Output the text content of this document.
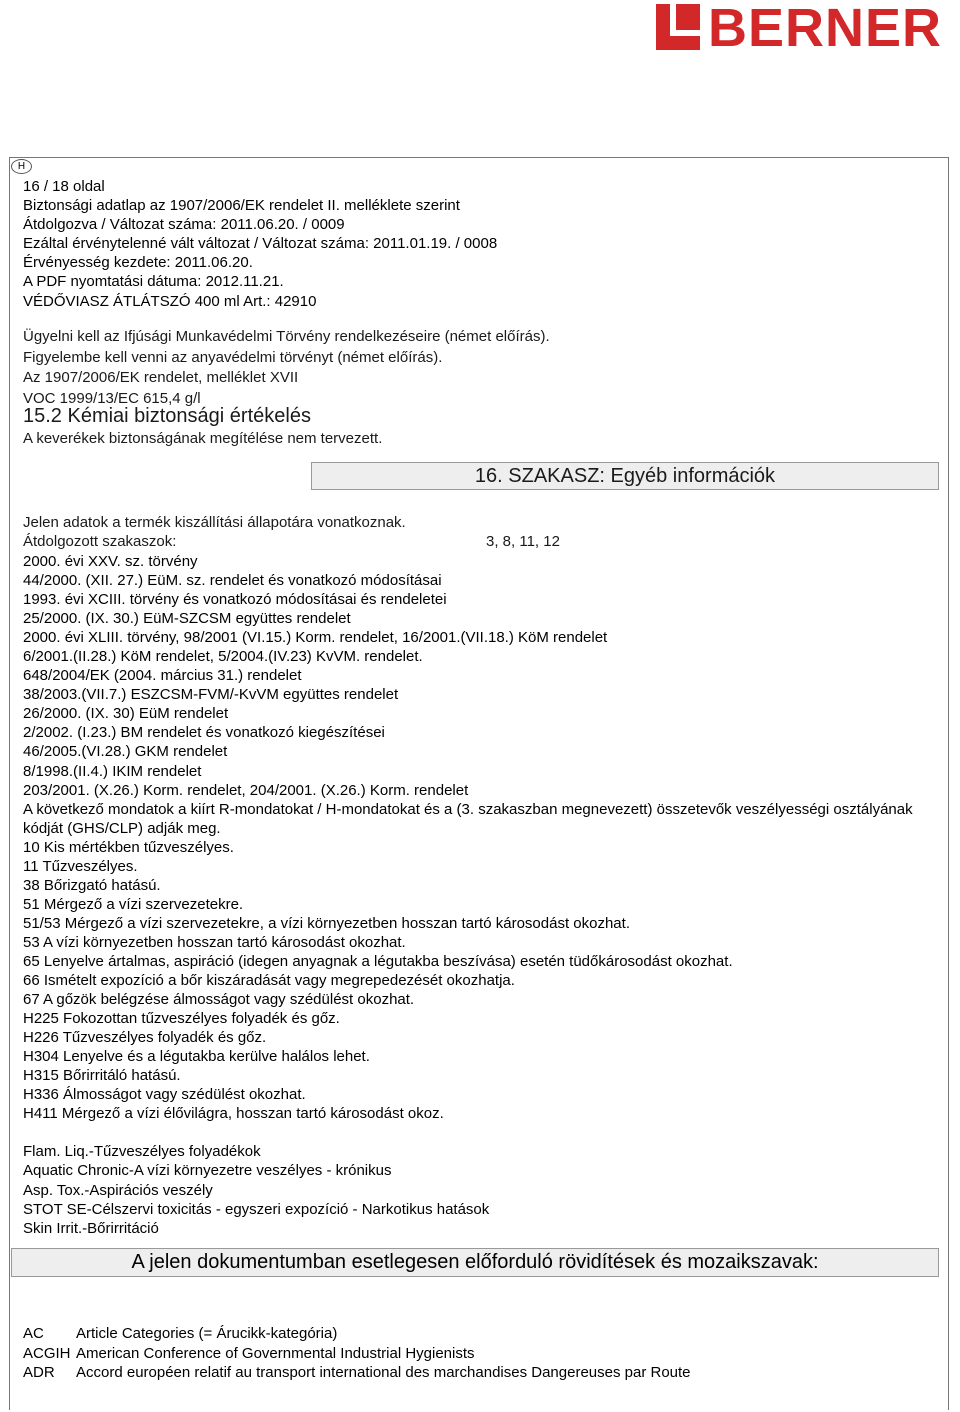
BERNER
H
16 / 18 oldal
Biztonsági adatlap az 1907/2006/EK rendelet II. melléklete szerint
Átdolgozva / Változat száma: 2011.06.20. / 0009
Ezáltal érvénytelenné vált változat / Változat száma: 2011.01.19. / 0008
Érvényesség kezdete: 2011.06.20.
A PDF nyomtatási dátuma: 2012.11.21.
VÉDŐVIASZ ÁTLÁTSZÓ 400 ml Art.: 42910
Ügyelni kell az Ifjúsági Munkavédelmi Törvény rendelkezéseire (német előírás).
Figyelembe kell venni az anyavédelmi törvényt (német előírás).
Az 1907/2006/EK rendelet, melléklet XVII
VOC 1999/13/EC 615,4 g/l
15.2 Kémiai biztonsági értékelés
A keverékek biztonságának megítélése nem tervezett.
16. SZAKASZ: Egyéb információk
Jelen adatok a termék kiszállítási állapotára vonatkoznak.
Átdolgozott szakaszok:	3, 8, 11, 12
2000. évi XXV. sz. törvény
44/2000. (XII. 27.) EüM. sz. rendelet és vonatkozó módosításai
1993. évi XCIII. törvény és vonatkozó módosításai és rendeletei
25/2000. (IX. 30.) EüM-SZCSM együttes rendelet
2000. évi XLIII. törvény, 98/2001 (VI.15.) Korm. rendelet, 16/2001.(VII.18.) KöM rendelet
6/2001.(II.28.) KöM rendelet, 5/2004.(IV.23) KvVM. rendelet.
648/2004/EK (2004. március 31.) rendelet
38/2003.(VII.7.) ESZCSM-FVM/-KvVM együttes rendelet
26/2000. (IX. 30) EüM rendelet
2/2002. (I.23.) BM rendelet és vonatkozó kiegészítései
46/2005.(VI.28.) GKM rendelet
8/1998.(II.4.) IKIM rendelet
203/2001. (X.26.) Korm. rendelet, 204/2001. (X.26.) Korm. rendelet
A következő mondatok a kiírt R-mondatokat / H-mondatokat és a (3. szakaszban megnevezett) összetevők veszélyességi osztályának kódját (GHS/CLP) adják meg.
10 Kis mértékben tűzveszélyes.
11 Tűzveszélyes.
38 Bőrizgató hatású.
51 Mérgező a vízi szervezetekre.
51/53 Mérgező a vízi szervezetekre, a vízi környezetben hosszan tartó károsodást okozhat.
53 A vízi környezetben hosszan tartó károsodást okozhat.
65 Lenyelve ártalmas, aspiráció (idegen anyagnak a légutakba beszívása) esetén tüdőkárosodást okozhat.
66 Ismételt expozíció a bőr kiszáradását vagy megrepedezését okozhatja.
67 A gőzök belégzése álmosságot vagy szédülést okozhat.
H225 Fokozottan tűzveszélyes folyadék és gőz.
H226 Tűzveszélyes folyadék és gőz.
H304 Lenyelve és a légutakba kerülve halálos lehet.
H315 Bőrirritáló hatású.
H336 Álmosságot vagy szédülést okozhat.
H411 Mérgező a vízi élővilágra, hosszan tartó károsodást okoz.
Flam. Liq.-Tűzveszélyes folyadékok
Aquatic Chronic-A vízi környezetre veszélyes - krónikus
Asp. Tox.-Aspirációs veszély
STOT SE-Célszervi toxicitás - egyszeri expozíció - Narkotikus hatások
Skin Irrit.-Bőrirritáció
A jelen dokumentumban esetlegesen előforduló rövidítések és mozaikszavak:
AC Article Categories (= Árucikk-kategória)
ACGIH American Conference of Governmental Industrial Hygienists
ADR Accord européen relatif au transport international des marchandises Dangereuses par Route
